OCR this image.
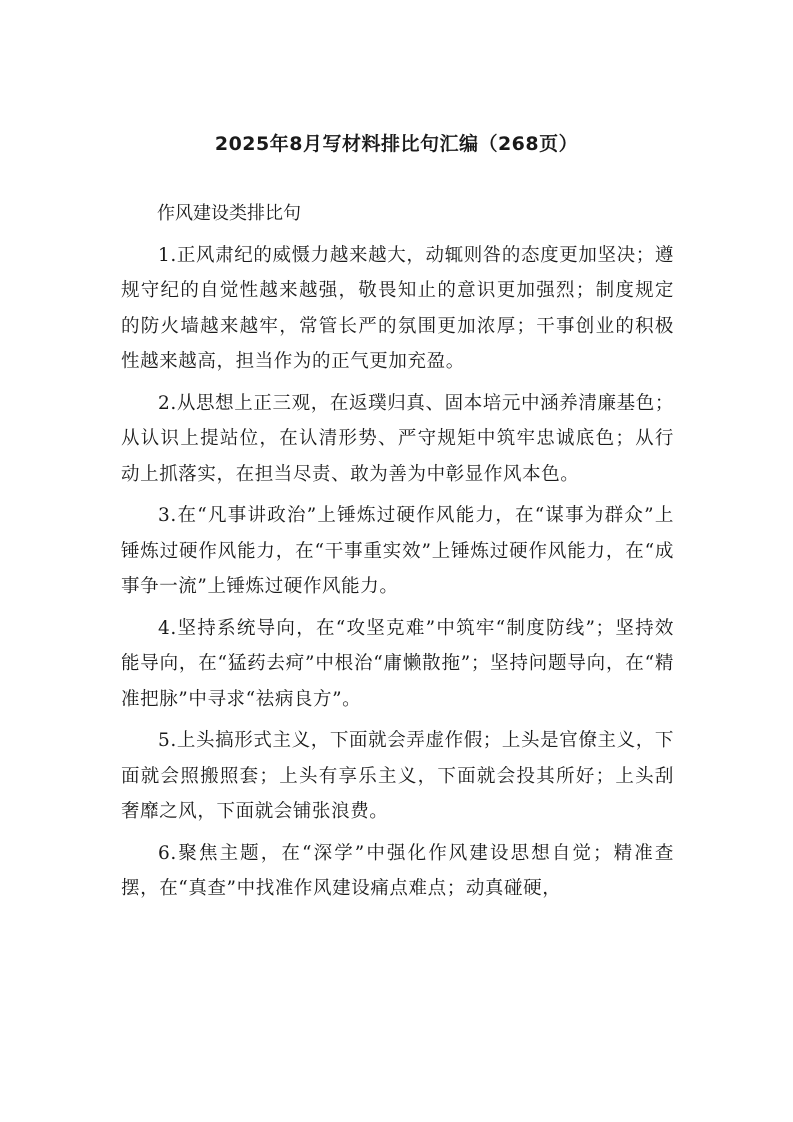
2025年8月写材料排比句汇编（268页）

作风建设类排比句

1.正风肃纪的威慑力越来越大，动辄则咎的态度更加坚决；遵规守纪的自觉性越来越强，敬畏知止的意识更加强烈；制度规定的防火墙越来越牢，常管长严的氛围更加浓厚；干事创业的积极性越来越高，担当作为的正气更加充盈。

2.从思想上正三观，在返璞归真、固本培元中涵养清廉基色；从认识上提站位，在认清形势、严守规矩中筑牢忠诚底色；从行动上抓落实，在担当尽责、敢为善为中彰显作风本色。

3.在“凡事讲政治”上锤炼过硬作风能力，在“谋事为群众”上锤炼过硬作风能力，在“干事重实效”上锤炼过硬作风能力，在“成事争一流”上锤炼过硬作风能力。

4.坚持系统导向，在“攻坚克难”中筑牢“制度防线”；坚持效能导向，在“猛药去疴”中根治“庸懒散拖”；坚持问题导向，在“精准把脉”中寻求“祛病良方”。

5.上头搞形式主义，下面就会弄虚作假；上头是官僚主义，下面就会照搬照套；上头有享乐主义，下面就会投其所好；上头刮奢靡之风，下面就会铺张浪费。

6.聚焦主题，在“深学”中强化作风建设思想自觉；精准查摆，在“真查”中找准作风建设痛点难点；动真碰硬，
